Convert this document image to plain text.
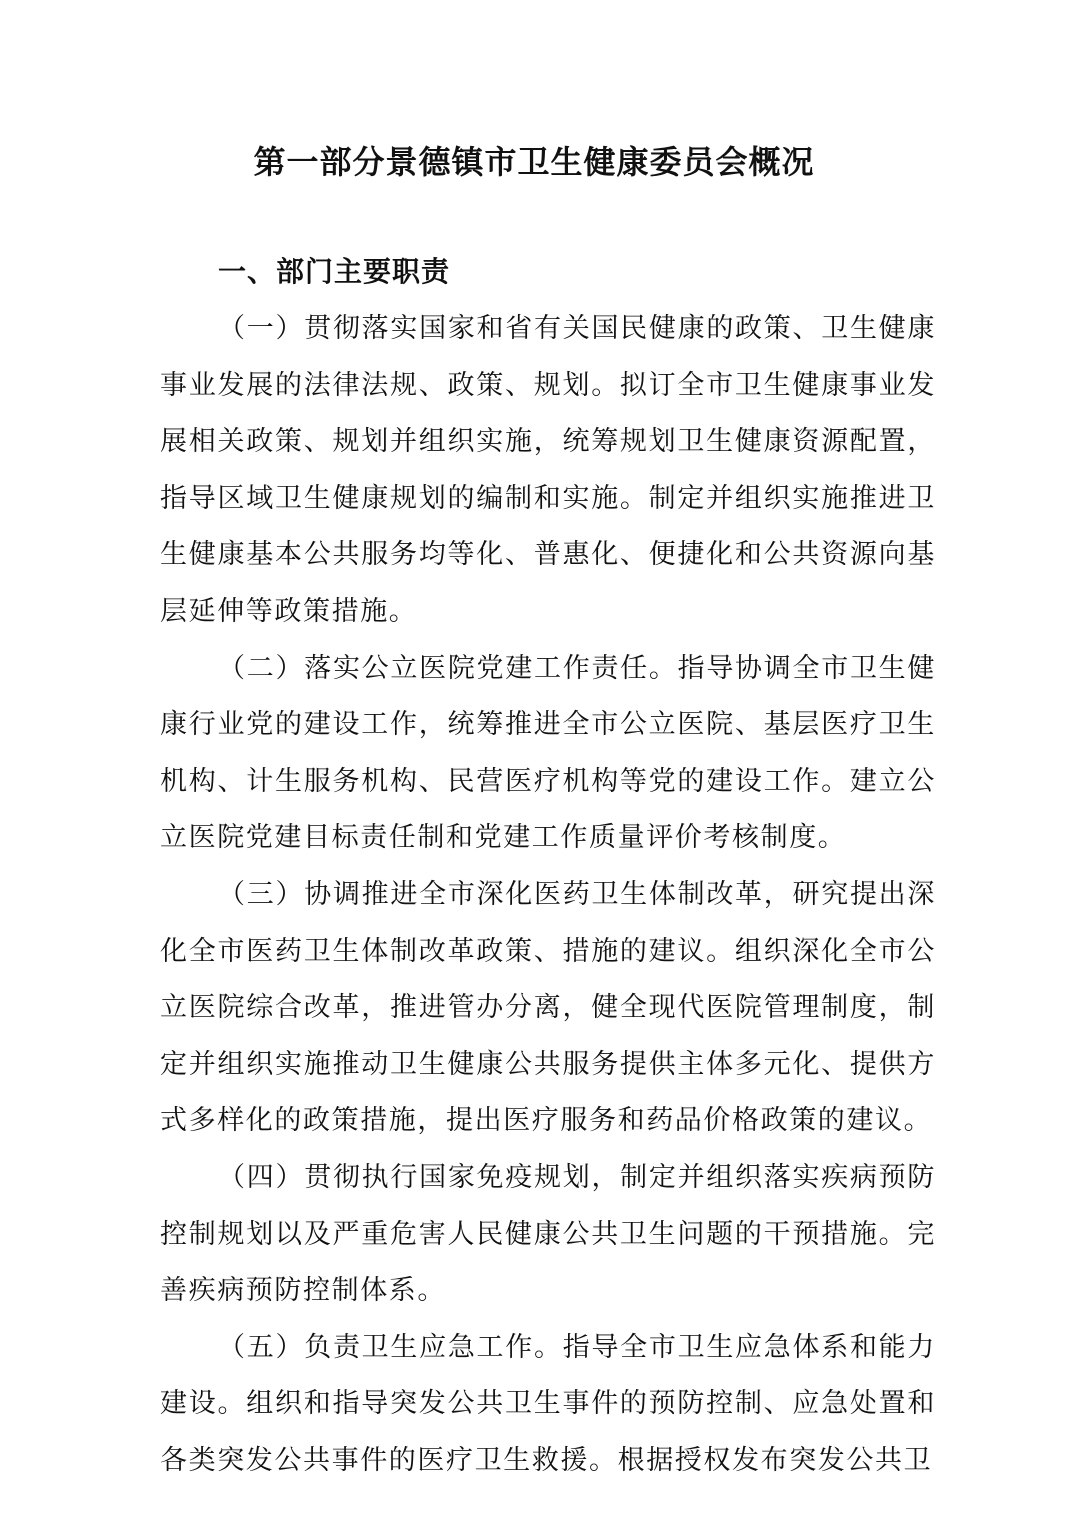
第一部分景德镇市卫生健康委员会概况
一、部门主要职责

（一）贯彻落实国家和省有关国民健康的政策、卫生健康事业发展的法律法规、政策、规划。拟订全市卫生健康事业发展相关政策、规划并组织实施，统筹规划卫生健康资源配置，指导区域卫生健康规划的编制和实施。制定并组织实施推进卫生健康基本公共服务均等化、普惠化、便捷化和公共资源向基层延伸等政策措施。

（二）落实公立医院党建工作责任。指导协调全市卫生健康行业党的建设工作，统筹推进全市公立医院、基层医疗卫生机构、计生服务机构、民营医疗机构等党的建设工作。建立公立医院党建目标责任制和党建工作质量评价考核制度。

（三）协调推进全市深化医药卫生体制改革，研究提出深化全市医药卫生体制改革政策、措施的建议。组织深化全市公立医院综合改革，推进管办分离，健全现代医院管理制度，制定并组织实施推动卫生健康公共服务提供主体多元化、提供方式多样化的政策措施，提出医疗服务和药品价格政策的建议。

（四）贯彻执行国家免疫规划，制定并组织落实疾病预防控制规划以及严重危害人民健康公共卫生问题的干预措施。完善疾病预防控制体系。

（五）负责卫生应急工作。指导全市卫生应急体系和能力建设。组织和指导突发公共卫生事件的预防控制、应急处置和各类突发公共事件的医疗卫生救援。根据授权发布突发公共卫
